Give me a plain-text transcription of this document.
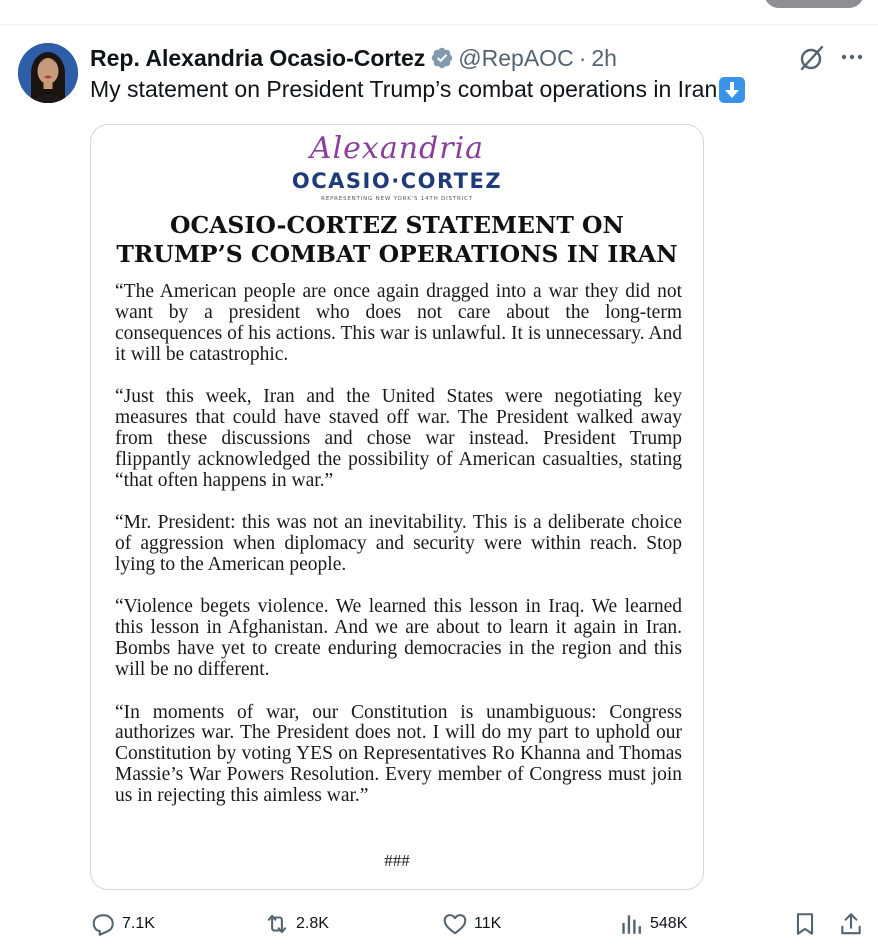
Rep. Alexandria Ocasio-Cortez @RepAOC · 2h
My statement on President Trump’s combat operations in Iran
Alexandria
OCASIO·CORTEZ
REPRESENTING NEW YORK'S 14TH DISTRICT
OCASIO-CORTEZ STATEMENT ON
TRUMP’S COMBAT OPERATIONS IN IRAN

“The American people are once again dragged into a war they did not want by a president who does not care about the long-term consequences of his actions. This war is unlawful. It is unnecessary. And it will be catastrophic.

“Just this week, Iran and the United States were negotiating key measures that could have staved off war. The President walked away from these discussions and chose war instead. President Trump flippantly acknowledged the possibility of American casualties, stating “that often happens in war.”

“Mr. President: this was not an inevitability. This is a deliberate choice of aggression when diplomacy and security were within reach. Stop lying to the American people.

“Violence begets violence. We learned this lesson in Iraq. We learned this lesson in Afghanistan. And we are about to learn it again in Iran. Bombs have yet to create enduring democracies in the region and this will be no different.

“In moments of war, our Constitution is unambiguous: Congress authorizes war. The President does not. I will do my part to uphold our Constitution by voting YES on Representatives Ro Khanna and Thomas Massie’s War Powers Resolution. Every member of Congress must join us in rejecting this aimless war.”

###
7.1K	2.8K	11K	548K
